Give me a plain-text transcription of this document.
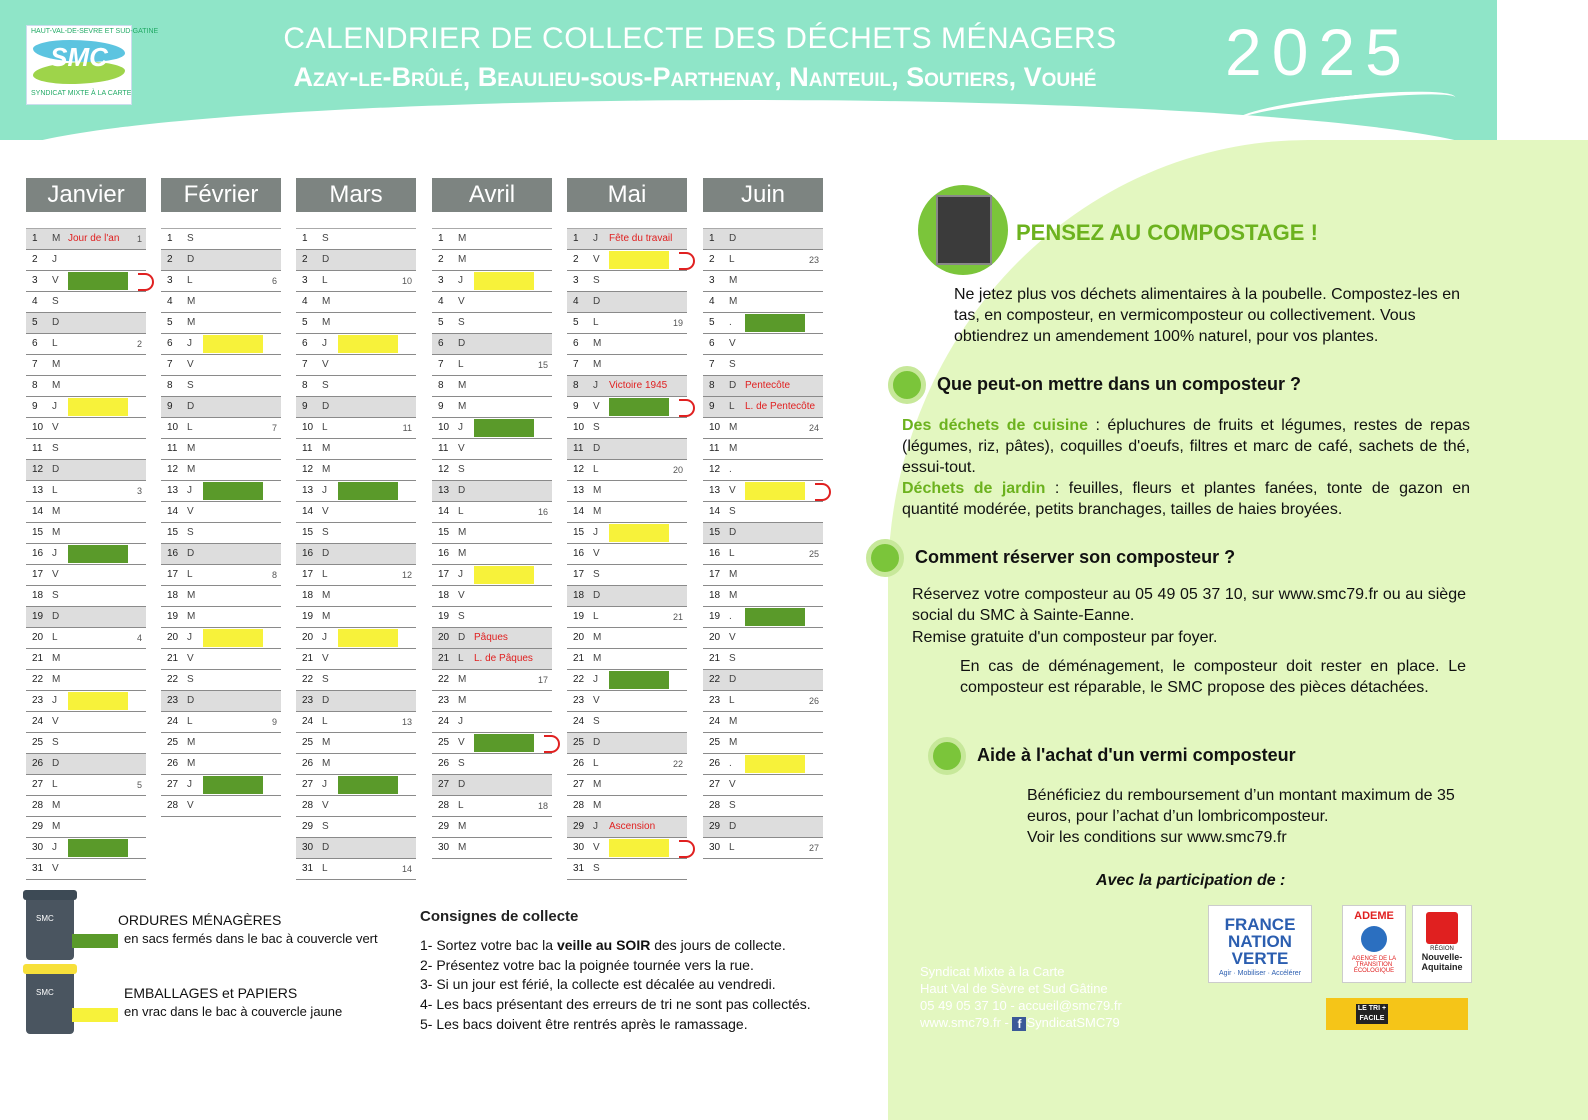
HAUT-VAL-DE-SEVRE ET SUD-GATINE
SMC
SYNDICAT MIXTE À LA CARTE
CALENDRIER DE COLLECTE DES DÉCHETS MÉNAGERS
Azay-le-Brûlé, Beaulieu-sous-Parthenay, Nanteuil, Soutiers, Vouhé	2025
Janvier
1	M Jour de l'an 1
2	J
3	V
4	S
5	D
6	L	2
7	M
8	M
9	J
10 V
11 S
12 D
13 L	3
14 M
15 M
16 J
17 V
18 S
19 D
20 L	4
21 M
22 M
23 J
24 V
25 S
26 D
27 L	5
28 M
29 M
30 J
31 V
Février
1	S
2	D
3	L	6
4	M
5	M
6	J
7	V
8	S
9	D
10 L	7
11 M
12 M
13 J
14 V
15 S
16 D
17 L	8
18 M
19 M
20 J
21 V
22 S
23 D
24 L	9
25 M
26 M
27 J
28 V
Mars
1	S
2	D
3	L	10
4	M
5	M
6	J
7	V
8	S
9	D
10 L	11
11 M
12 M
13 J
14 V
15 S
16 D
17 L	12
18 M
19 M
20 J
21 V
22 S
23 D
24 L	13
25 M
26 M
27 J
28 V
29 S
30 D
31 L	14
Avril
1	M
2	M
3	J
4	V
5	S
6	D
7	L	15
8	M
9	M
10 J
11 V
12 S
13 D
14 L	16
15 M
16 M
17 J
18 V
19 S
20 D Pâques
21 L	L. de Pâques
22 M	17
23 M
24 J
25 V
26 S
27 D
28 L	18
29 M
30 M
Mai
1	J	Fête du travail
2	V
3	S
4	D
5	L	19
6	M
7	M
8	J	Victoire 1945
9	V
10 S
11 D
12 L	20
13 M
14 M
15 J
16 V
17 S
18 D
19 L	21
20 M
21 M
22 J
23 V
24 S
25 D
26 L	22
27 M
28 M
29 J	Ascension
30 V
31 S
Juin
1	D
2	L	23
3	M
4	M
5	.
6	V
7	S
8	D Pentecôte
9	L	L. de Pentecôte
10 M	24
11 M
12 .
13 V
14 S
15 D
16 L	25
17 M
18 M
19 .
20 V
21 S
22 D
23 L	26
24 M
25 M
26 .
27 V
28 S
29 D
30 L	27
PENSEZ AU COMPOSTAGE !
Ne jetez plus vos déchets alimentaires à la poubelle. Compostez-les en tas, en composteur, en vermicomposteur ou collectivement. Vous obtiendrez un amendement 100% naturel, pour vos plantes.
Que peut-on mettre dans un composteur ?
Des déchets de cuisine : épluchures de fruits et légumes, restes de repas (légumes, riz, pâtes), coquilles d'oeufs, filtres et marc de café, sachets de thé, essui-tout.
Déchets de jardin : feuilles, fleurs et plantes fanées, tonte de gazon en quantité modérée, petits branchages, tailles de haies broyées.
Comment réserver son composteur ?
Réservez votre composteur au 05 49 05 37 10, sur www.smc79.fr ou au siège social du SMC à Sainte-Eanne.
Remise gratuite d'un composteur par foyer.
En cas de déménagement, le composteur doit rester en place. Le composteur est réparable, le SMC propose des pièces détachées.
Aide à l'achat d'un vermi composteur
Bénéficiez du remboursement d’un montant maximum de 35 euros, pour l’achat d’un lombricomposteur.
Voir les conditions sur www.smc79.fr
Avec la participation de :
FRANCE NATION VERTE
Agir · Mobiliser · Accélérer
ADEME
AGENCE DE LA TRANSITION ÉCOLOGIQUE
RÉGION
Nouvelle-Aquitaine
LE TRI + FACILE
Syndicat Mixte à la Carte
Haut Val de Sèvre et Sud Gâtine
05 49 05 37 10 - accueil@smc79.fr
www.smc79.fr - f SyndicatSMC79
SMC	ORDURES MÉNAGÈRES
en sacs fermés dans le bac à couvercle vert
SMC	EMBALLAGES et PAPIERS
en vrac dans le bac à couvercle jaune
Consignes de collecte
1- Sortez votre bac la veille au SOIR des jours de collecte.
2- Présentez votre bac la poignée tournée vers la rue.
3- Si un jour est férié, la collecte est décalée au vendredi.
4- Les bacs présentant des erreurs de tri ne sont pas collectés.
5- Les bacs doivent être rentrés après le ramassage.
